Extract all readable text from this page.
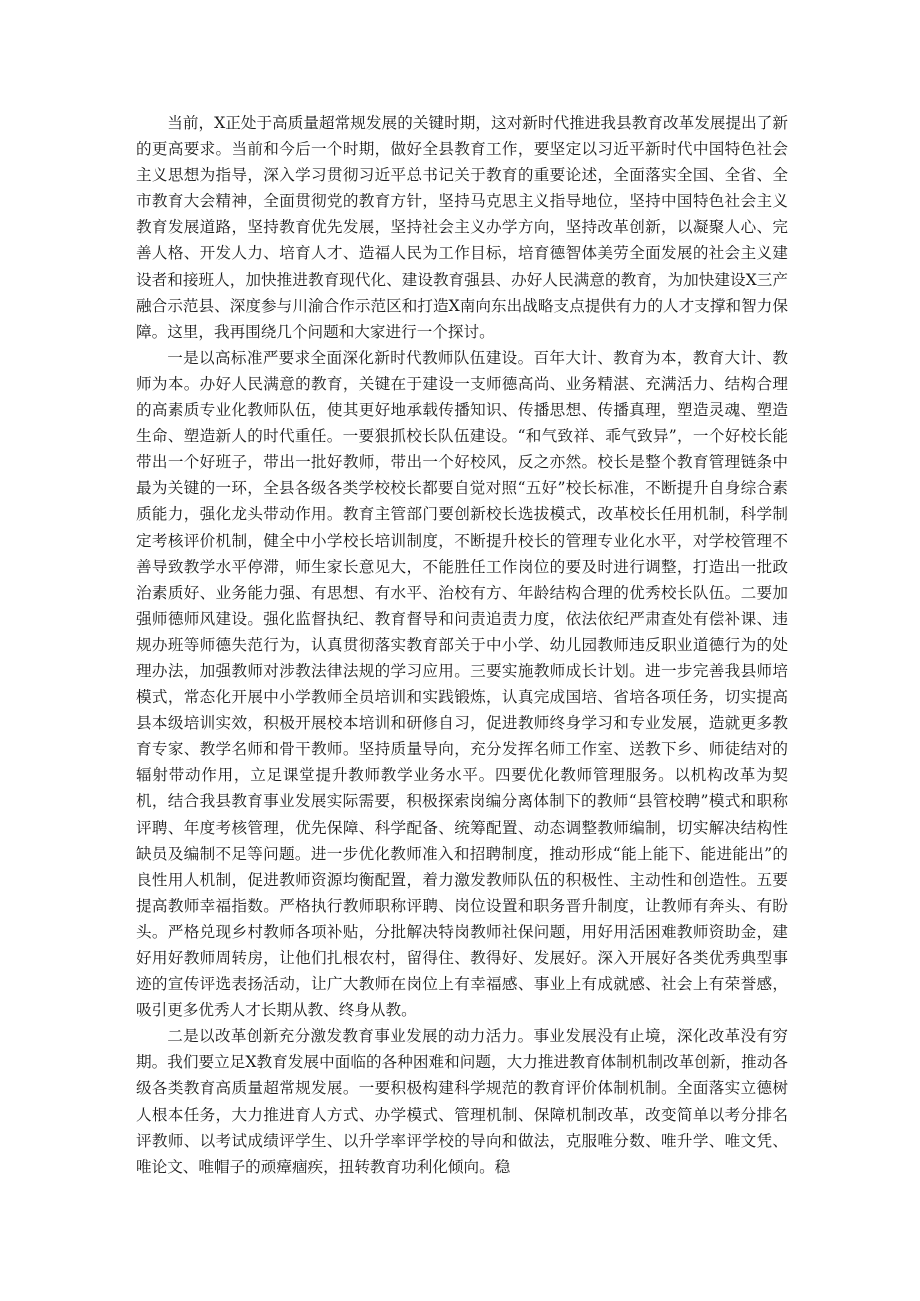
当前，X正处于高质量超常规发展的关键时期，这对新时代推进我县教育改革发展提出了新的更高要求。当前和今后一个时期，做好全县教育工作，要坚定以习近平新时代中国特色社会主义思想为指导，深入学习贯彻习近平总书记关于教育的重要论述，全面落实全国、全省、全市教育大会精神，全面贯彻党的教育方针，坚持马克思主义指导地位，坚持中国特色社会主义教育发展道路，坚持教育优先发展，坚持社会主义办学方向，坚持改革创新，以凝聚人心、完善人格、开发人力、培育人才、造福人民为工作目标，培育德智体美劳全面发展的社会主义建设者和接班人，加快推进教育现代化、建设教育强县、办好人民满意的教育，为加快建设X三产融合示范县、深度参与川渝合作示范区和打造X南向东出战略支点提供有力的人才支撑和智力保障。这里，我再围绕几个问题和大家进行一个探讨。

一是以高标准严要求全面深化新时代教师队伍建设。百年大计、教育为本，教育大计、教师为本。办好人民满意的教育，关键在于建设一支师德高尚、业务精湛、充满活力、结构合理的高素质专业化教师队伍，使其更好地承载传播知识、传播思想、传播真理，塑造灵魂、塑造生命、塑造新人的时代重任。一要狠抓校长队伍建设。“和气致祥、乖气致异”，一个好校长能带出一个好班子，带出一批好教师，带出一个好校风，反之亦然。校长是整个教育管理链条中最为关键的一环，全县各级各类学校校长都要自觉对照“五好”校长标准，不断提升自身综合素质能力，强化龙头带动作用。教育主管部门要创新校长选拔模式，改革校长任用机制，科学制定考核评价机制，健全中小学校长培训制度，不断提升校长的管理专业化水平，对学校管理不善导致教学水平停滞，师生家长意见大，不能胜任工作岗位的要及时进行调整，打造出一批政治素质好、业务能力强、有思想、有水平、治校有方、年龄结构合理的优秀校长队伍。二要加强师德师风建设。强化监督执纪、教育督导和问责追责力度，依法依纪严肃查处有偿补课、违规办班等师德失范行为，认真贯彻落实教育部关于中小学、幼儿园教师违反职业道德行为的处理办法，加强教师对涉教法律法规的学习应用。三要实施教师成长计划。进一步完善我县师培模式，常态化开展中小学教师全员培训和实践锻炼，认真完成国培、省培各项任务，切实提高县本级培训实效，积极开展校本培训和研修自习，促进教师终身学习和专业发展，造就更多教育专家、教学名师和骨干教师。坚持质量导向，充分发挥名师工作室、送教下乡、师徒结对的辐射带动作用，立足课堂提升教师教学业务水平。四要优化教师管理服务。以机构改革为契机，结合我县教育事业发展实际需要，积极探索岗编分离体制下的教师“县管校聘”模式和职称评聘、年度考核管理，优先保障、科学配备、统筹配置、动态调整教师编制，切实解决结构性缺员及编制不足等问题。进一步优化教师准入和招聘制度，推动形成“能上能下、能进能出”的良性用人机制，促进教师资源均衡配置，着力激发教师队伍的积极性、主动性和创造性。五要提高教师幸福指数。严格执行教师职称评聘、岗位设置和职务晋升制度，让教师有奔头、有盼头。严格兑现乡村教师各项补贴，分批解决特岗教师社保问题，用好用活困难教师资助金，建好用好教师周转房，让他们扎根农村，留得住、教得好、发展好。深入开展好各类优秀典型事迹的宣传评选表扬活动，让广大教师在岗位上有幸福感、事业上有成就感、社会上有荣誉感，吸引更多优秀人才长期从教、终身从教。

二是以改革创新充分激发教育事业发展的动力活力。事业发展没有止境，深化改革没有穷期。我们要立足X教育发展中面临的各种困难和问题，大力推进教育体制机制改革创新，推动各级各类教育高质量超常规发展。一要积极构建科学规范的教育评价体制机制。全面落实立德树人根本任务，大力推进育人方式、办学模式、管理机制、保障机制改革，改变简单以考分排名评教师、以考试成绩评学生、以升学率评学校的导向和做法，克服唯分数、唯升学、唯文凭、唯论文、唯帽子的顽瘴痼疾，扭转教育功利化倾向。稳
